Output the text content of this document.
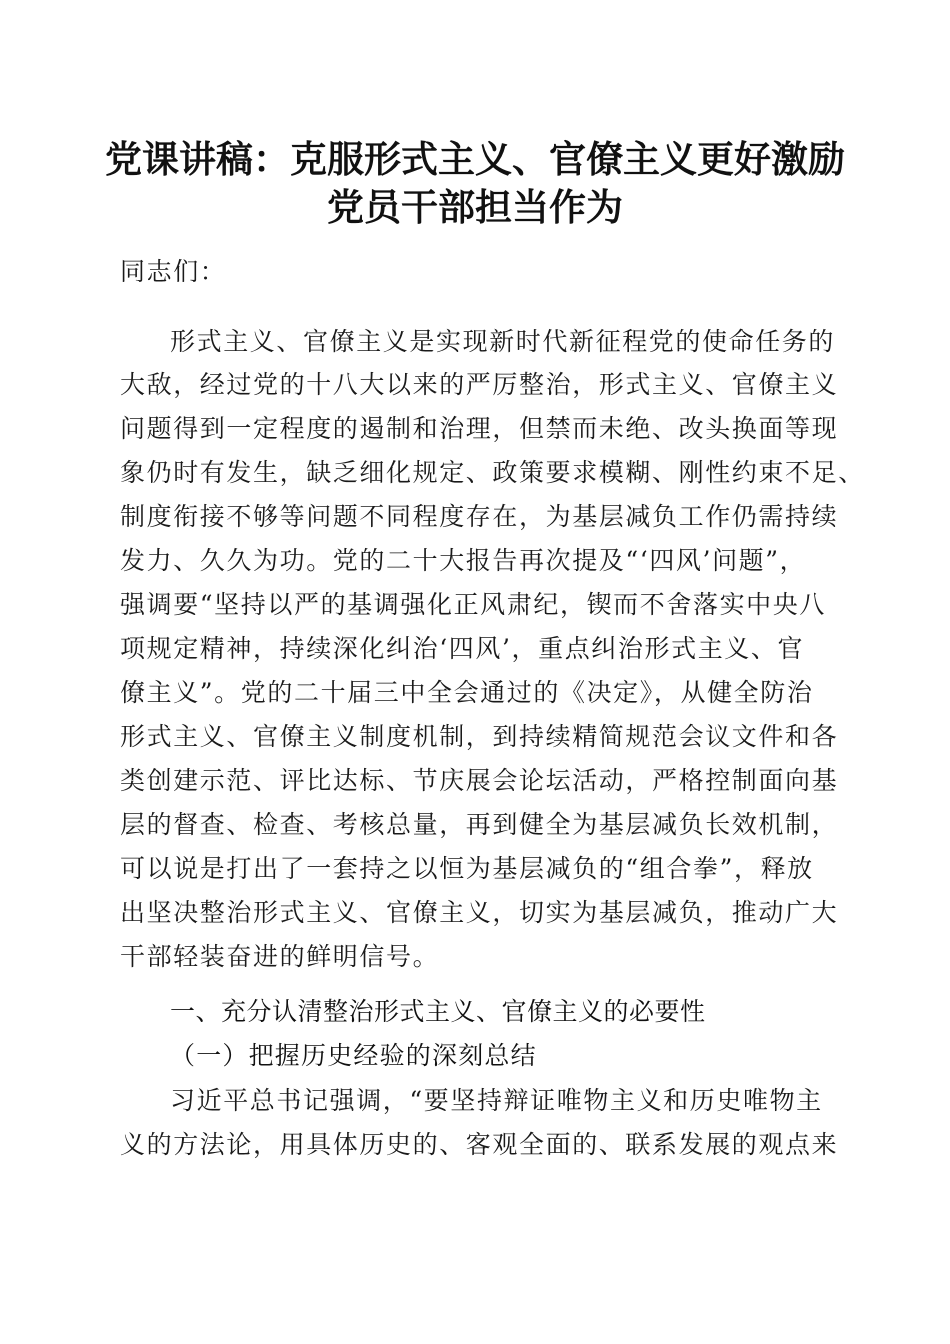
党课讲稿：克服形式主义、官僚主义更好激励
党员干部担当作为
同志们：
形式主义、官僚主义是实现新时代新征程党的使命任务的
大敌，经过党的十八大以来的严厉整治，形式主义、官僚主义
问题得到一定程度的遏制和治理，但禁而未绝、改头换面等现
象仍时有发生，缺乏细化规定、政策要求模糊、刚性约束不足、
制度衔接不够等问题不同程度存在，为基层减负工作仍需持续
发力、久久为功。党的二十大报告再次提及“‘四风’问题”，
强调要“坚持以严的基调强化正风肃纪，锲而不舍落实中央八
项规定精神，持续深化纠治‘四风’，重点纠治形式主义、官
僚主义”。党的二十届三中全会通过的《决定》，从健全防治
形式主义、官僚主义制度机制，到持续精简规范会议文件和各
类创建示范、评比达标、节庆展会论坛活动，严格控制面向基
层的督查、检查、考核总量，再到健全为基层减负长效机制，
可以说是打出了一套持之以恒为基层减负的“组合拳”，释放
出坚决整治形式主义、官僚主义，切实为基层减负，推动广大
干部轻装奋进的鲜明信号。
一、充分认清整治形式主义、官僚主义的必要性
（一）把握历史经验的深刻总结
习近平总书记强调，“要坚持辩证唯物主义和历史唯物主
义的方法论，用具体历史的、客观全面的、联系发展的观点来
